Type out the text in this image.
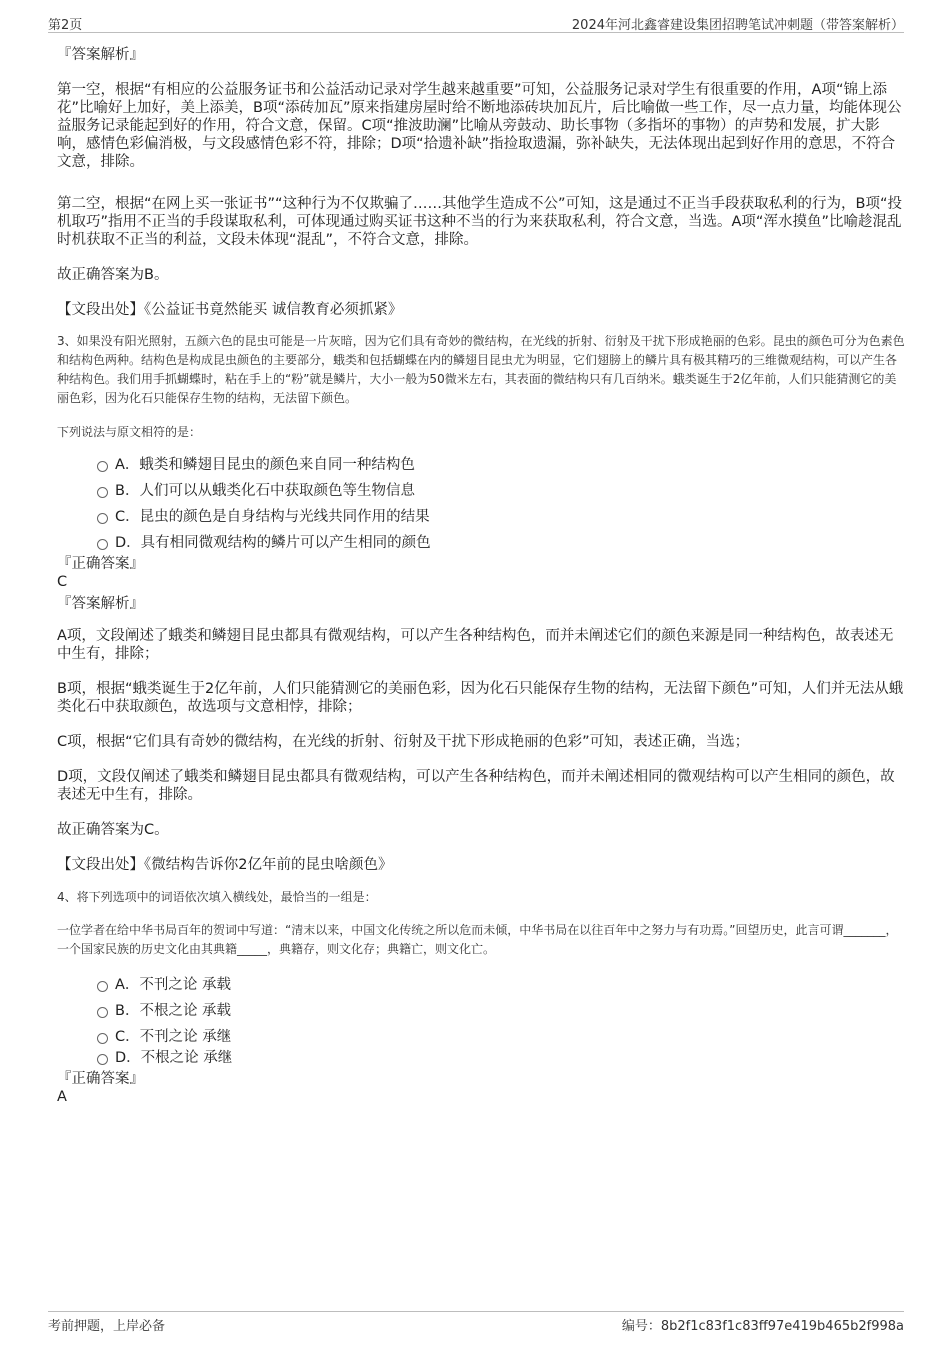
第2页	2024年河北鑫睿建设集团招聘笔试冲刺题（带答案解析）

『答案解析』

第一空，根据“有相应的公益服务证书和公益活动记录对学生越来越重要”可知，公益服务记录对学生有很重要的作用，A项“锦上添花”比喻好上加好，美上添美，B项“添砖加瓦”原来指建房屋时给不断地添砖块加瓦片，后比喻做一些工作，尽一点力量，均能体现公益服务记录能起到好的作用，符合文意，保留。C项“推波助澜”比喻从旁鼓动、助长事物（多指坏的事物）的声势和发展，扩大影响，感情色彩偏消极，与文段感情色彩不符，排除；D项“拾遗补缺”指捡取遗漏，弥补缺失，无法体现出起到好作用的意思，不符合文意，排除。

第二空，根据“在网上买一张证书”“这种行为不仅欺骗了……其他学生造成不公”可知，这是通过不正当手段获取私利的行为，B项“投机取巧”指用不正当的手段谋取私利，可体现通过购买证书这种不当的行为来获取私利，符合文意，当选。A项“浑水摸鱼”比喻趁混乱时机获取不正当的利益，文段未体现“混乱”，不符合文意，排除。

故正确答案为B。

【文段出处】《公益证书竟然能买 诚信教育必须抓紧》

3、如果没有阳光照射，五颜六色的昆虫可能是一片灰暗，因为它们具有奇妙的微结构，在光线的折射、衍射及干扰下形成艳丽的色彩。昆虫的颜色可分为色素色和结构色两种。结构色是构成昆虫颜色的主要部分，蛾类和包括蝴蝶在内的鳞翅目昆虫尤为明显，它们翅膀上的鳞片具有极其精巧的三维微观结构，可以产生各种结构色。我们用手抓蝴蝶时，粘在手上的“粉”就是鳞片，大小一般为50微米左右，其表面的微结构只有几百纳米。蛾类诞生于2亿年前，人们只能猜测它的美丽色彩，因为化石只能保存生物的结构，无法留下颜色。

下列说法与原文相符的是：

A．蛾类和鳞翅目昆虫的颜色来自同一种结构色
B．人们可以从蛾类化石中获取颜色等生物信息
C．昆虫的颜色是自身结构与光线共同作用的结果
D．具有相同微观结构的鳞片可以产生相同的颜色

『正确答案』

C

『答案解析』

A项，文段阐述了蛾类和鳞翅目昆虫都具有微观结构，可以产生各种结构色，而并未阐述它们的颜色来源是同一种结构色，故表述无中生有，排除；

B项，根据“蛾类诞生于2亿年前，人们只能猜测它的美丽色彩，因为化石只能保存生物的结构，无法留下颜色”可知，人们并无法从蛾类化石中获取颜色，故选项与文意相悖，排除；

C项，根据“它们具有奇妙的微结构，在光线的折射、衍射及干扰下形成艳丽的色彩”可知，表述正确，当选；

D项，文段仅阐述了蛾类和鳞翅目昆虫都具有微观结构，可以产生各种结构色，而并未阐述相同的微观结构可以产生相同的颜色，故表述无中生有，排除。

故正确答案为C。

【文段出处】《微结构告诉你2亿年前的昆虫啥颜色》

4、将下列选项中的词语依次填入横线处，最恰当的一组是：

一位学者在给中华书局百年的贺词中写道：“清末以来，中国文化传统之所以危而未倾，中华书局在以往百年中之努力与有功焉。”回望历史，此言可谓_______，一个国家民族的历史文化由其典籍_____，典籍存，则文化存；典籍亡，则文化亡。

A．不刊之论 承载
B．不根之论 承载
C．不刊之论 承继
D．不根之论 承继

『正确答案』

A

考前押题，上岸必备	编号：8b2f1c83f1c83ff97e419b465b2f998a
